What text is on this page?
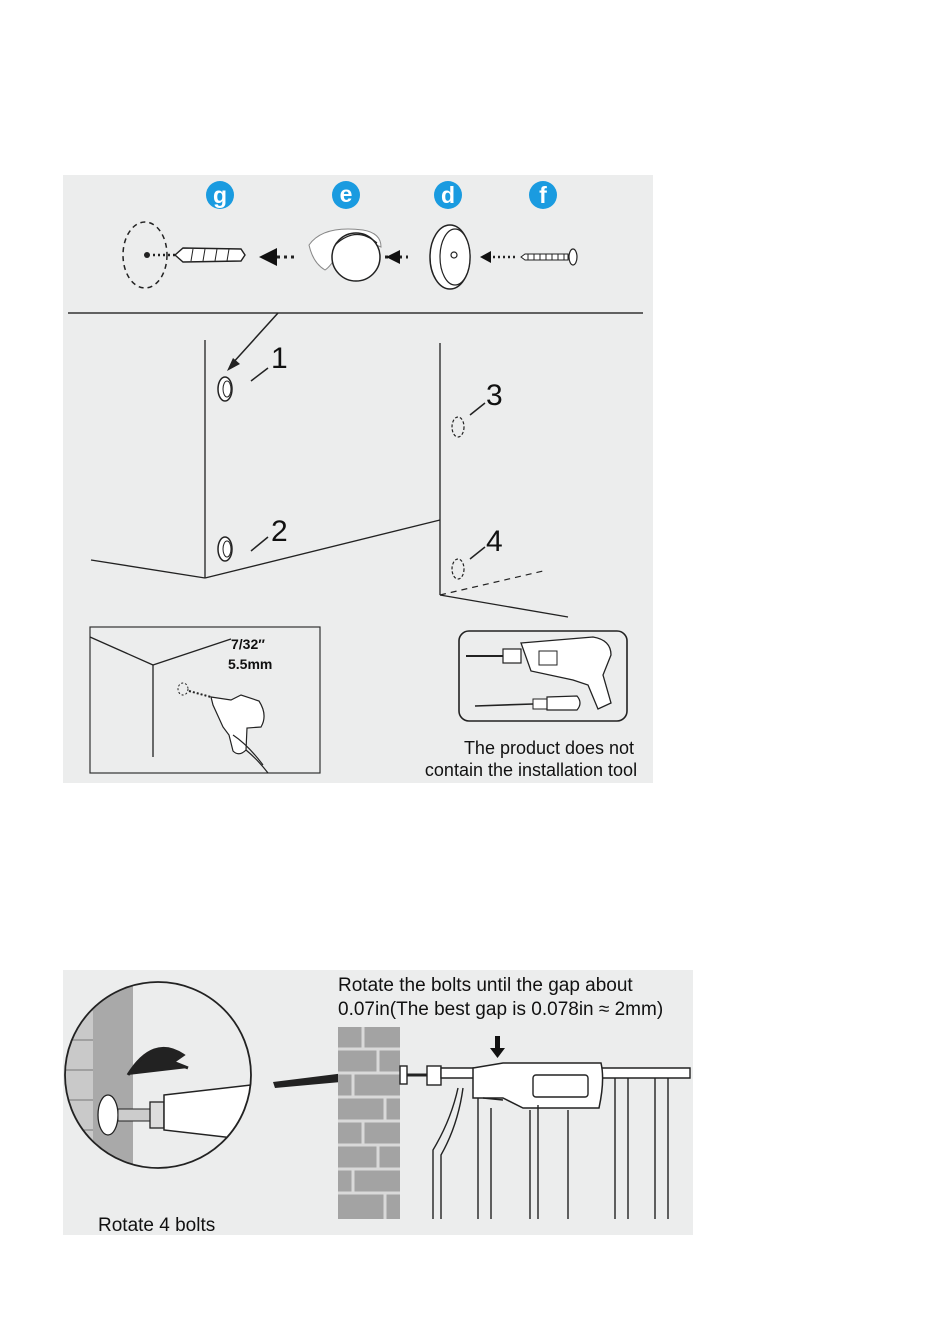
g	e	d	f
1
2
3
4
7/32″
5.5mm
The product does not
contain the installation tool
Rotate the bolts until the gap about
0.07in(The best gap is 0.078in ≈ 2mm)
Rotate 4 bolts
